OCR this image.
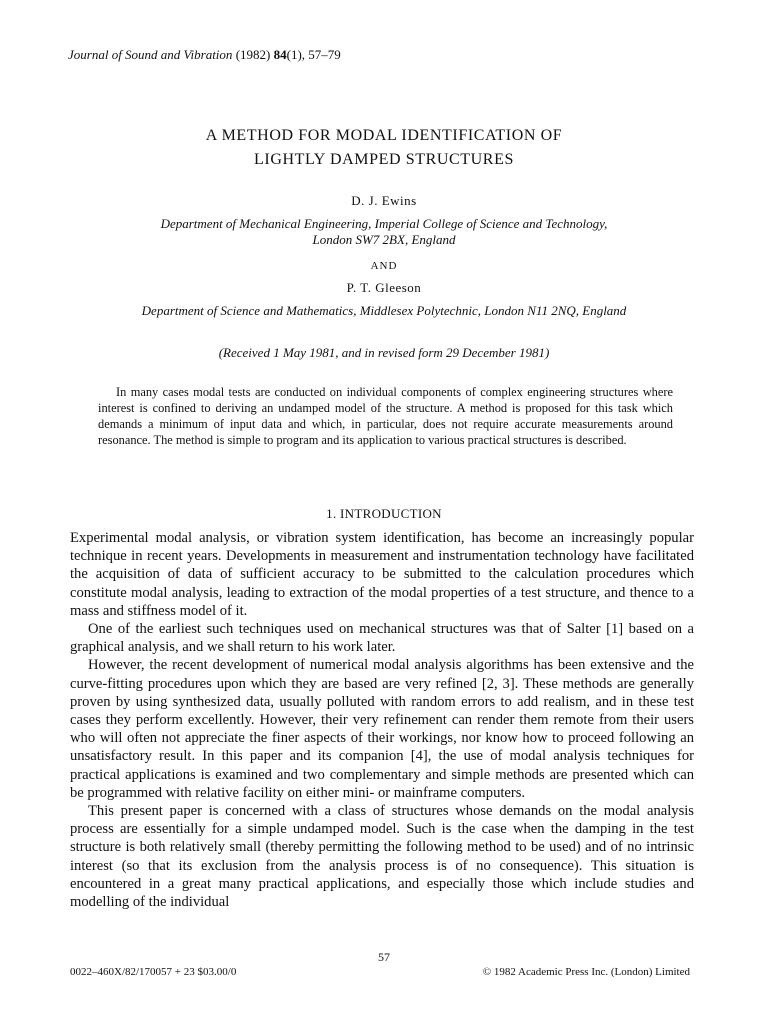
Journal of Sound and Vibration (1982) 84(1), 57–79
A METHOD FOR MODAL IDENTIFICATION OF
LIGHTLY DAMPED STRUCTURES
D. J. Ewins
Department of Mechanical Engineering, Imperial College of Science and Technology,
London SW7 2BX, England
AND
P. T. Gleeson
Department of Science and Mathematics, Middlesex Polytechnic, London N11 2NQ, England
(Received 1 May 1981, and in revised form 29 December 1981)
In many cases modal tests are conducted on individual components of complex engineering structures where interest is confined to deriving an undamped model of the structure. A method is proposed for this task which demands a minimum of input data and which, in particular, does not require accurate measurements around resonance. The method is simple to program and its application to various practical structures is described.
1. INTRODUCTION

Experimental modal analysis, or vibration system identification, has become an increasingly popular technique in recent years. Developments in measurement and instrumentation technology have facilitated the acquisition of data of sufficient accuracy to be submitted to the calculation procedures which constitute modal analysis, leading to extraction of the modal properties of a test structure, and thence to a mass and stiffness model of it.

One of the earliest such techniques used on mechanical structures was that of Salter [1] based on a graphical analysis, and we shall return to his work later.

However, the recent development of numerical modal analysis algorithms has been extensive and the curve-fitting procedures upon which they are based are very refined [2, 3]. These methods are generally proven by using synthesized data, usually polluted with random errors to add realism, and in these test cases they perform excellently. However, their very refinement can render them remote from their users who will often not appreciate the finer aspects of their workings, nor know how to proceed following an unsatisfactory result. In this paper and its companion [4], the use of modal analysis techniques for practical applications is examined and two complementary and simple methods are presented which can be programmed with relative facility on either mini- or mainframe computers.

This present paper is concerned with a class of structures whose demands on the modal analysis process are essentially for a simple undamped model. Such is the case when the damping in the test structure is both relatively small (thereby permitting the following method to be used) and of no intrinsic interest (so that its exclusion from the analysis process is of no consequence). This situation is encountered in a great many practical applications, and especially those which include studies and modelling of the individual

57
0022–460X/82/170057 + 23 $03.00/0	© 1982 Academic Press Inc. (London) Limited
